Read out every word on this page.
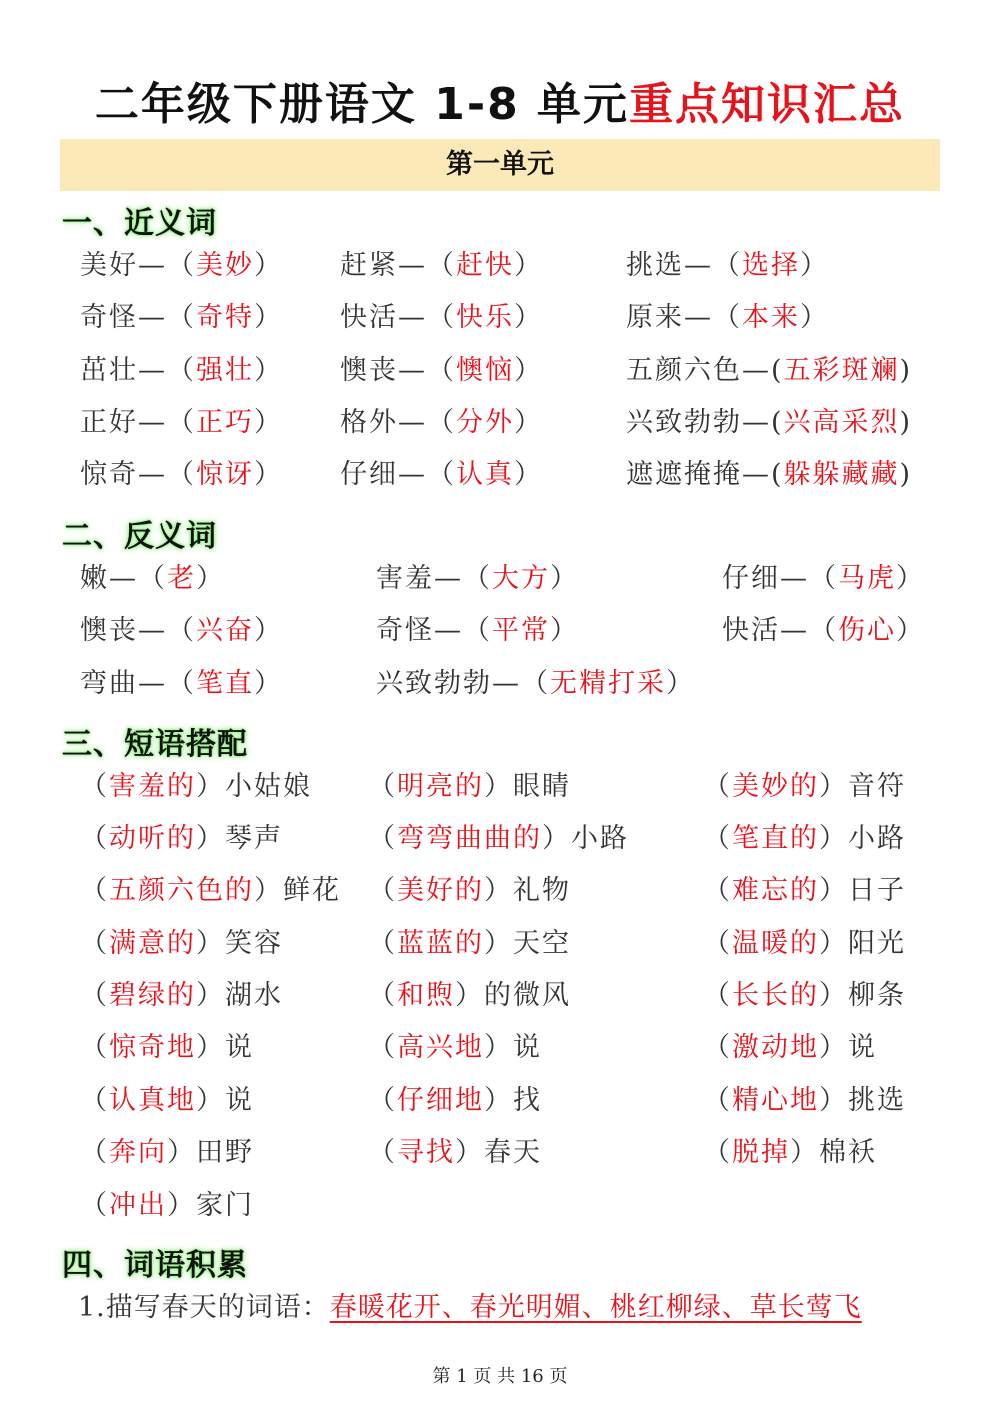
二年级下册语文 1-8 单元重点知识汇总
第一单元
一、近义词
美好—（美妙） 赶紧—（赶快）	挑选—（选择）
奇怪—（奇特） 快活—（快乐）	原来—（本来）
茁壮—（强壮） 懊丧—（懊恼）	五颜六色—(五彩斑斓)
正好—（正巧） 格外—（分外）	兴致勃勃—(兴高采烈)
惊奇—（惊讶） 仔细—（认真）	遮遮掩掩—(躲躲藏藏)
二、反义词
嫩—（老）	害羞—（大方）	仔细—（马虎）
懊丧—（兴奋）	奇怪—（平常）	快活—（伤心）
弯曲—（笔直）	兴致勃勃—（无精打采）
三、短语搭配
（害羞的）小姑娘 （明亮的）眼睛	（美妙的）音符
（动听的）琴声	（弯弯曲曲的）小路	（笔直的）小路
（五颜六色的）鲜花 （美好的）礼物	（难忘的）日子
（满意的）笑容	（蓝蓝的）天空	（温暖的）阳光
（碧绿的）湖水	（和煦）的微风	（长长的）柳条
（惊奇地）说	（高兴地）说	（激动地）说
（认真地）说	（仔细地）找	（精心地）挑选
（奔向）田野	（寻找）春天	（脱掉）棉袄
（冲出）家门
四、词语积累
1.描写春天的词语：春暖花开、春光明媚、桃红柳绿、草长莺飞
第 1 页 共 16 页
